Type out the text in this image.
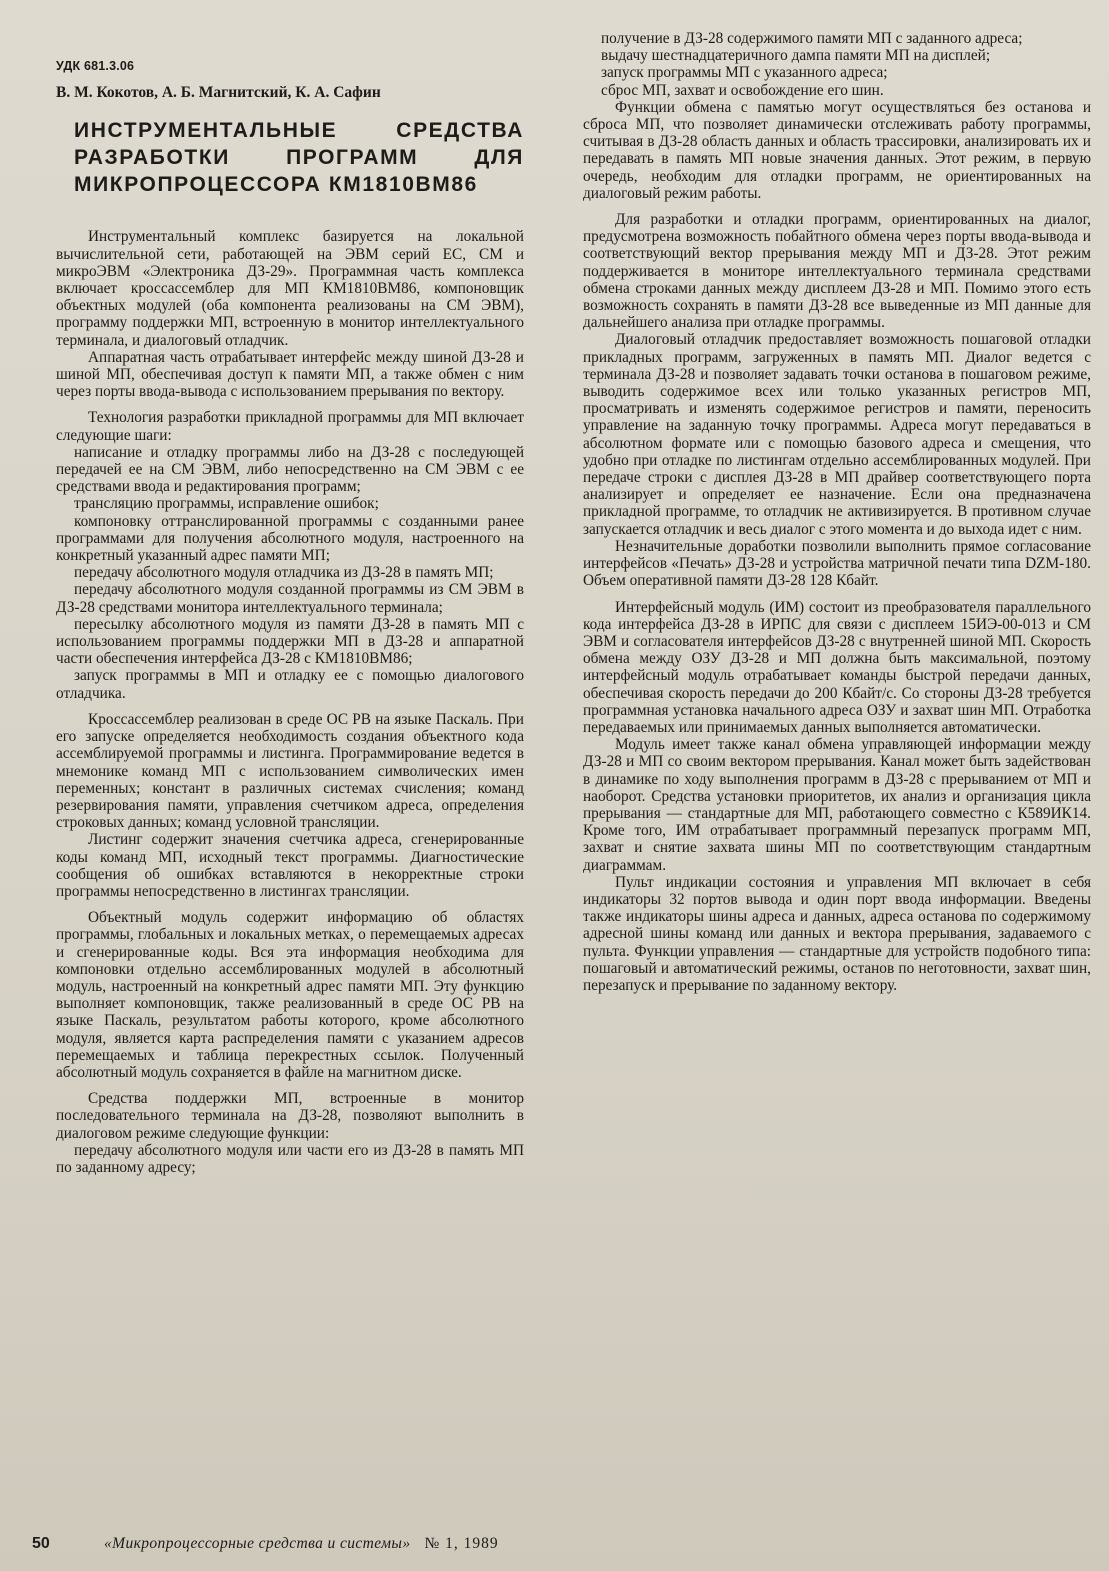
УДК 681.3.06
В. М. Кокотов, А. Б. Магнитский, К. А. Сафин
ИНСТРУМЕНТАЛЬНЫЕ СРЕДСТВА РАЗРАБОТКИ ПРОГРАММ ДЛЯ МИКРОПРОЦЕССОРА КМ1810ВМ86

Инструментальный комплекс базируется на локальной вычислительной сети, работающей на ЭВМ серий ЕС, СМ и микроЭВМ «Электроника ДЗ-29». Программная часть комплекса включает кроссассемблер для МП КМ1810ВМ86, компоновщик объектных модулей (оба компонента реализованы на СМ ЭВМ), программу поддержки МП, встроенную в монитор интеллектуального терминала, и диалоговый отладчик.

Аппаратная часть отрабатывает интерфейс между шиной ДЗ-28 и шиной МП, обеспечивая доступ к памяти МП, а также обмен с ним через порты ввода-вывода с использованием прерывания по вектору.

Технология разработки прикладной программы для МП включает следующие шаги:

написание и отладку программы либо на ДЗ-28 с последующей передачей ее на СМ ЭВМ, либо непосредственно на СМ ЭВМ с ее средствами ввода и редактирования программ;

трансляцию программы, исправление ошибок;

компоновку оттранслированной программы с созданными ранее программами для получения абсолютного модуля, настроенного на конкретный указанный адрес памяти МП;

передачу абсолютного модуля отладчика из ДЗ-28 в память МП;

передачу абсолютного модуля созданной программы из СМ ЭВМ в ДЗ-28 средствами монитора интеллектуального терминала;

пересылку абсолютного модуля из памяти ДЗ-28 в память МП с использованием программы поддержки МП в ДЗ-28 и аппаратной части обеспечения интерфейса ДЗ-28 с КМ1810ВМ86;

запуск программы в МП и отладку ее с помощью диалогового отладчика.

Кроссассемблер реализован в среде ОС РВ на языке Паскаль. При его запуске определяется необходимость создания объектного кода ассемблируемой программы и листинга. Программирование ведется в мнемонике команд МП с использованием символических имен переменных; констант в различных системах счисления; команд резервирования памяти, управления счетчиком адреса, определения строковых данных; команд условной трансляции.

Листинг содержит значения счетчика адреса, сгенерированные коды команд МП, исходный текст программы. Диагностические сообщения об ошибках вставляются в некорректные строки программы непосредственно в листингах трансляции.

Объектный модуль содержит информацию об областях программы, глобальных и локальных метках, о перемещаемых адресах и сгенерированные коды. Вся эта информация необходима для компоновки отдельно ассемблированных модулей в абсолютный модуль, настроенный на конкретный адрес памяти МП. Эту функцию выполняет компоновщик, также реализованный в среде ОС РВ на языке Паскаль, результатом работы которого, кроме абсолютного модуля, является карта распределения памяти с указанием адресов перемещаемых и таблица перекрестных ссылок. Полученный абсолютный модуль сохраняется в файле на магнитном диске.

Средства поддержки МП, встроенные в монитор последовательного терминала на ДЗ-28, позволяют выполнить в диалоговом режиме следующие функции:

передачу абсолютного модуля или части его из ДЗ-28 в память МП по заданному адресу;

получение в ДЗ-28 содержимого памяти МП с заданного адреса;

выдачу шестнадцатеричного дампа памяти МП на дисплей;

запуск программы МП с указанного адреса;

сброс МП, захват и освобождение его шин.

Функции обмена с памятью могут осуществляться без останова и сброса МП, что позволяет динамически отслеживать работу программы, считывая в ДЗ-28 область данных и область трассировки, анализировать их и передавать в память МП новые значения данных. Этот режим, в первую очередь, необходим для отладки программ, не ориентированных на диалоговый режим работы.

Для разработки и отладки программ, ориентированных на диалог, предусмотрена возможность побайтного обмена через порты ввода-вывода и соответствующий вектор прерывания между МП и ДЗ-28. Этот режим поддерживается в мониторе интеллектуального терминала средствами обмена строками данных между дисплеем ДЗ-28 и МП. Помимо этого есть возможность сохранять в памяти ДЗ-28 все выведенные из МП данные для дальнейшего анализа при отладке программы.

Диалоговый отладчик предоставляет возможность пошаговой отладки прикладных программ, загруженных в память МП. Диалог ведется с терминала ДЗ-28 и позволяет задавать точки останова в пошаговом режиме, выводить содержимое всех или только указанных регистров МП, просматривать и изменять содержимое регистров и памяти, переносить управление на заданную точку программы. Адреса могут передаваться в абсолютном формате или с помощью базового адреса и смещения, что удобно при отладке по листингам отдельно ассемблированных модулей. При передаче строки с дисплея ДЗ-28 в МП драйвер соответствующего порта анализирует и определяет ее назначение. Если она предназначена прикладной программе, то отладчик не активизируется. В противном случае запускается отладчик и весь диалог с этого момента и до выхода идет с ним.

Незначительные доработки позволили выполнить прямое согласование интерфейсов «Печать» ДЗ-28 и устройства матричной печати типа DZM-180. Объем оперативной памяти ДЗ-28 128 Кбайт.

Интерфейсный модуль (ИМ) состоит из преобразователя параллельного кода интерфейса ДЗ-28 в ИРПС для связи с дисплеем 15ИЭ-00-013 и СМ ЭВМ и согласователя интерфейсов ДЗ-28 с внутренней шиной МП. Скорость обмена между ОЗУ ДЗ-28 и МП должна быть максимальной, поэтому интерфейсный модуль отрабатывает команды быстрой передачи данных, обеспечивая скорость передачи до 200 Кбайт/с. Со стороны ДЗ-28 требуется программная установка начального адреса ОЗУ и захват шин МП. Отработка передаваемых или принимаемых данных выполняется автоматически.

Модуль имеет также канал обмена управляющей информации между ДЗ-28 и МП со своим вектором прерывания. Канал может быть задействован в динамике по ходу выполнения программ в ДЗ-28 с прерыванием от МП и наоборот. Средства установки приоритетов, их анализ и организация цикла прерывания — стандартные для МП, работающего совместно с К589ИК14. Кроме того, ИМ отрабатывает программный перезапуск программ МП, захват и снятие захвата шины МП по соответствующим стандартным диаграммам.

Пульт индикации состояния и управления МП включает в себя индикаторы 32 портов вывода и один порт ввода информации. Введены также индикаторы шины адреса и данных, адреса останова по содержимому адресной шины команд или данных и вектора прерывания, задаваемого с пульта. Функции управления — стандартные для устройств подобного типа: пошаговый и автоматический режимы, останов по неготовности, захват шин, перезапуск и прерывание по заданному вектору.

50	«Микропроцессорные средства и системы» № 1, 1989
